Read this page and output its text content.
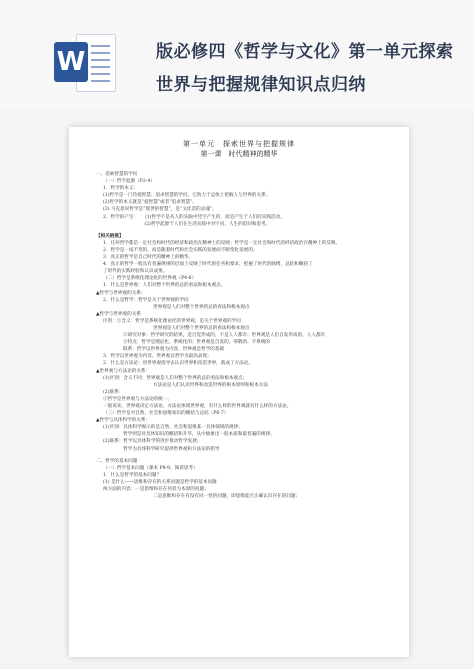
W	版必修四《哲学与文化》第一单元探索世界与把握规律知识点归纳
第一单元　探索世界与把握规律
第一课　时代精神的精华
一、追索智慧的学问
（一）哲学起源（P2-4）
1．哲学的本义：
(1)哲学是一门热爱智慧、追求智慧的学问，它致力于总体上把握人与世界的关系。
(2)哲学的本义就是“爱智慧”或者“追求智慧”。
(3) 马克思说哲学是“现世的智慧”，是“文化活的灵魂”。
2．哲学的产生：　　(1)哲学不是从人的头脑中凭空产生的，而是产生于人们的实践活动。
　　　　　　　　　(2)哲学起源于人们在生活实践中对宇宙、人生的追问和思考。
【相关链接】
1．任何哲学都是一定社会和时代的经济和政治在精神上的反映；哲学是一定社会和时代的经济政治在精神上的反映。
2．哲学是一成不变的，而是随着时代和社会实践的发展而不断变化发展的。
3．真正的哲学是自己时代的精神上的精华。
4．真正的哲学一般具有普遍规律的层面上反映了时代的任务和要求，把握了时代的脉搏，总结和概括了
了时代的实践经验和认识成果。
（二）哲学是系统化理论化的世界观（P4-6）
1．什么是世界观：人们对整个世界的总的看法和根本观点。
▲哲学与世界观的关系：
2．什么是哲学：哲学是关于世界观的学问
世界观是人们对整个世界的总的看法和根本观点
▲哲学与世界观的关系
区别：①含义：哲学是系统化理论化的世界观，是关于世界观的学问
世界观是人们对整个世界的总的看法和根本观点
②研究对象：哲学研究的结果，是自觉形成的，不是人人都有；世界观是人们自发形成的，人人都有
③特点：哲学是理论化、系统化的；世界观是自发的、零散的、不系统的
联系：哲学以世界观为内容，世界观是哲学的基础
3．哲学以世界观为内容，世界观以哲学为最高表现；
2．什么是方法论：用世界观指导去认识世界和改造世界，就成了方法论。
▲世界观与方法论的关系：
(1)区别：含义不同：世界观是人们对整个世界的总的看法和根本观点；
方法论是人们认识世界和改造世界的根本原则和根本方法
(2)联系：
①哲学是世界观与方法论的统一。
一般说来，世界观决定方法论，方法论体现世界观，有什么样的世界观就有什么样的方法论。
（三）哲学是对自然、社会和思维知识的概括与总结（P6-7）
▲哲学与具体科学的关系：
(1)区别：具体科学揭示的是自然、社会和思维某一具体领域的规律；
哲学则是对具体知识的概括和升华，从中抽象出一般本质和最普遍的规律。
(2)联系：哲学以具体科学的进步推动哲学发展；
哲学为具体科学研究提供世界观和方法论的指导
二、哲学的基本问题
（一）哲学基本问题（课本 P8-9，阅读思考）
1．什么是哲学的基本问题？
(1) 是什么——思维和存在的关系问题是哲学的基本问题
两方面的内容：一是思维和存在何者为本原的问题；
二是思维和存在有没有同一性的问题，即思维能否正确认识存在的问题；
